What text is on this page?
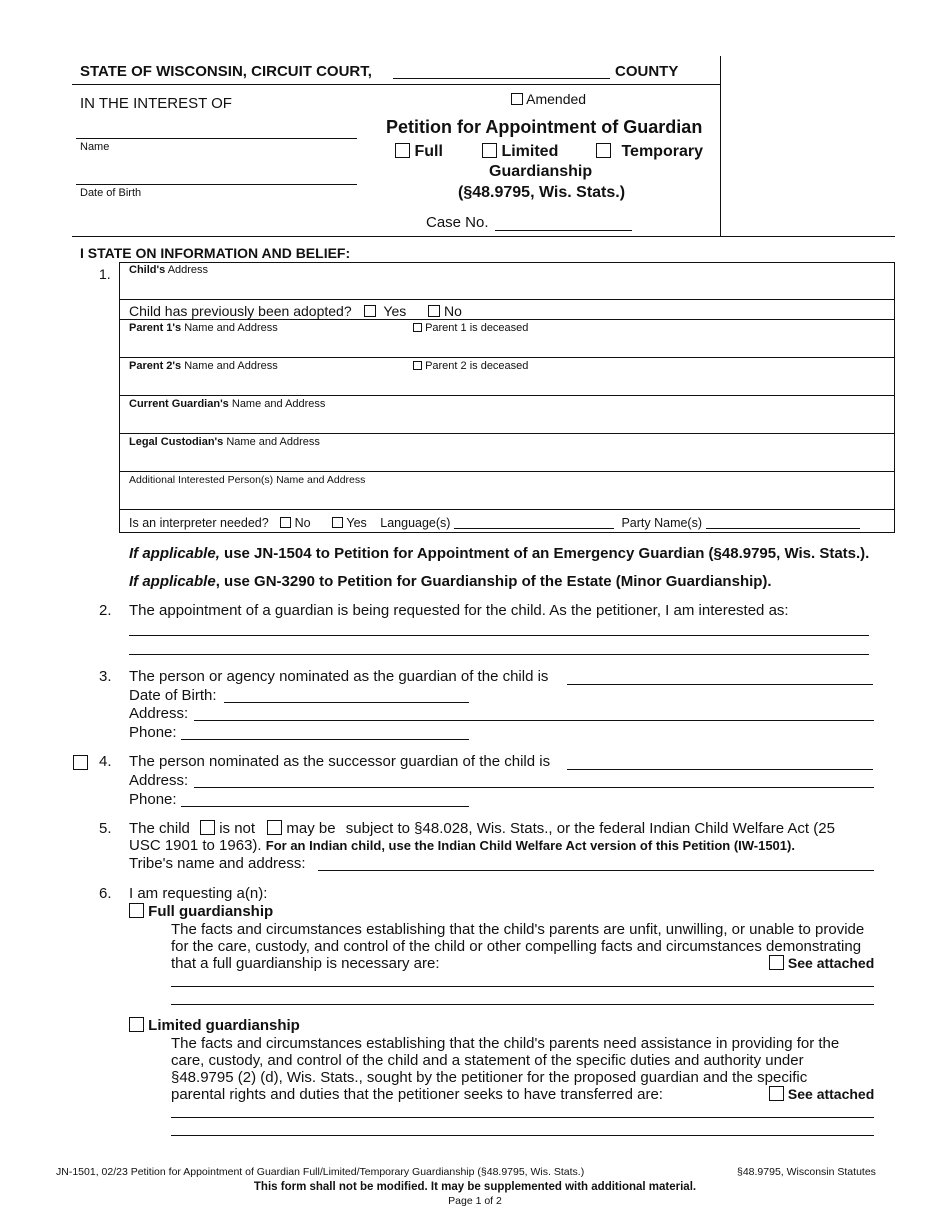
STATE OF WISCONSIN, CIRCUIT COURT,	COUNTY
IN THE INTEREST OF
Name
Date of Birth
Amended
Petition for Appointment of Guardian
Full	Limited	Temporary
Guardianship
(§48.9795, Wis. Stats.)
Case No.
I STATE ON INFORMATION AND BELIEF:
1. Child's Address
Child has previously been adopted? Yes	No
Parent 1's Name and Address	Parent 1 is deceased
Parent 2's Name and Address	Parent 2 is deceased
Current Guardian's Name and Address
Legal Custodian's Name and Address
Additional Interested Person(s) Name and Address
Is an interpreter needed? No	Yes Language(s)	Party Name(s)
If applicable, use JN-1504 to Petition for Appointment of an Emergency Guardian (§48.9795, Wis. Stats.).
If applicable, use GN-3290 to Petition for Guardianship of the Estate (Minor Guardianship).
2. The appointment of a guardian is being requested for the child. As the petitioner, I am interested as:
3. The person or agency nominated as the guardian of the child is
Date of Birth:
Address:
Phone:
4. The person nominated as the successor guardian of the child is
Address:
Phone:
5. The child is not may be subject to §48.028, Wis. Stats., or the federal Indian Child Welfare Act (25
USC 1901 to 1963). For an Indian child, use the Indian Child Welfare Act version of this Petition (IW-1501).
Tribe's name and address:
6. I am requesting a(n):
Full guardianship
The facts and circumstances establishing that the child's parents are unfit, unwilling, or unable to provide
for the care, custody, and control of the child or other compelling facts and circumstances demonstrating
that a full guardianship is necessary are:	See attached
Limited guardianship
The facts and circumstances establishing that the child's parents need assistance in providing for the
care, custody, and control of the child and a statement of the specific duties and authority under
§48.9795 (2) (d), Wis. Stats., sought by the petitioner for the proposed guardian and the specific
parental rights and duties that the petitioner seeks to have transferred are:	See attached
JN-1501, 02/23 Petition for Appointment of Guardian Full/Limited/Temporary Guardianship (§48.9795, Wis. Stats.)	§48.9795, Wisconsin Statutes
This form shall not be modified. It may be supplemented with additional material.
Page 1 of 2
